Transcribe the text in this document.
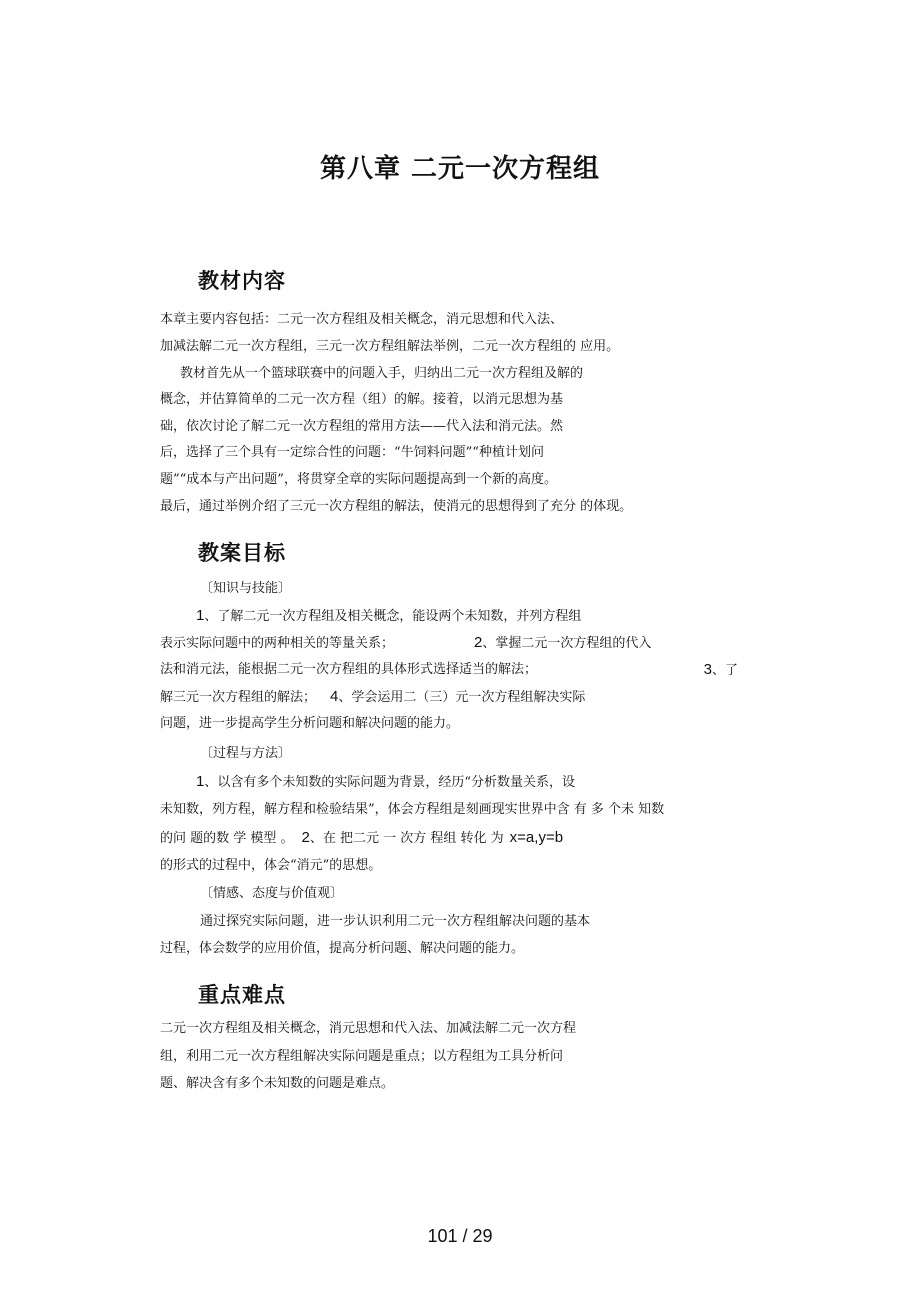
第八章 二元一次方程组
教材内容

本章主要内容包括：二元一次方程组及相关概念，消元思想和代入法、

加减法解二元一次方程组，三元一次方程组解法举例，二元一次方程组的 应用。

教材首先从一个篮球联赛中的问题入手，归纳出二元一次方程组及解的

概念，并估算简单的二元一次方程（组）的解。接着，以消元思想为基

础，依次讨论了解二元一次方程组的常用方法——代入法和消元法。然

后，选择了三个具有一定综合性的问题：“牛饲料问题”“种植计划问

题”“成本与产出问题”，将贯穿全章的实际问题提高到一个新的高度。

最后，通过举例介绍了三元一次方程组的解法，使消元的思想得到了充分 的体现。

教案目标

〔知识与技能〕

1、了解二元一次方程组及相关概念，能设两个未知数，并列方程组

表示实际问题中的两种相关的等量关系；	2、掌握二元一次方程组的代入

法和消元法，能根据二元一次方程组的具体形式选择适当的解法；	3、了

解三元一次方程组的解法； 4、学会运用二（三）元一次方程组解决实际

问题，进一步提高学生分析问题和解决问题的能力。

〔过程与方法〕

1、以含有多个未知数的实际问题为背景，经历“分析数量关系，设

未知数，列方程，解方程和检验结果”，体会方程组是刻画现实世界中含 有 多 个未 知数

的问 题的数 学 模型 。 2、在 把二元 一 次方 程组 转化 为 x=a,y=b

的形式的过程中，体会“消元”的思想。

〔情感、态度与价值观〕

通过探究实际问题，进一步认识利用二元一次方程组解决问题的基本

过程，体会数学的应用价值，提高分析问题、解决问题的能力。

重点难点

二元一次方程组及相关概念，消元思想和代入法、加减法解二元一次方程

组，利用二元一次方程组解决实际问题是重点；以方程组为工具分析问

题、解决含有多个未知数的问题是难点。

101 / 29
